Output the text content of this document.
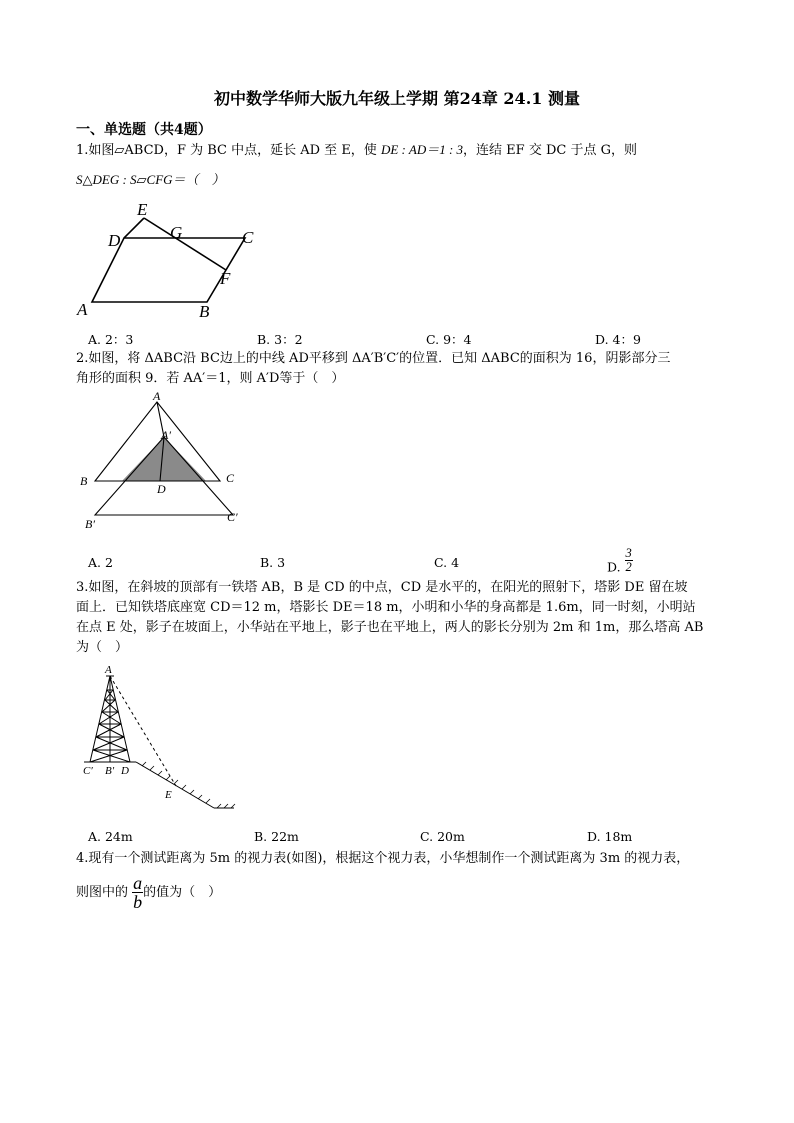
初中数学华师大版九年级上学期 第24章 24.1 测量
一、单选题（共4题）
1.如图▱ABCD，F 为 BC 中点，延长 AD 至 E，使 DE : AD＝1 : 3，连结 EF 交 DC 于点 G，则
S△DEG : S▱CFG＝（　）
E
D	G	C
F
A	B
A. 2：3	B. 3：2	C. 9：4	D. 4：9
2.如图，将 ΔABC沿 BC边上的中线 AD平移到 ΔA′B′C′的位置．已知 ΔABC的面积为 16，阴影部分三
角形的面积 9．若 AA′＝1，则 A′D等于（　）
A
A′
B	C
D
B′	C′
A. 2	B. 3	C. 4	D. $\frac{3}{2}$
3.如图，在斜坡的顶部有一铁塔 AB，B 是 CD 的中点，CD 是水平的，在阳光的照射下，塔影 DE 留在坡
面上．已知铁塔底座宽 CD＝12 m，塔影长 DE＝18 m，小明和小华的身高都是 1.6m，同一时刻，小明站
在点 E 处，影子在坡面上，小华站在平地上，影子也在平地上，两人的影长分别为 2m 和 1m，那么塔高 AB
为（　）
A
C′ B′ D
E
A. 24m	B. 22m	C. 20m	D. 18m
4.现有一个测试距离为 5m 的视力表(如图)，根据这个视力表，小华想制作一个测试距离为 3m 的视力表，
则图中的 $\frac{a}{b}$ 的值为（　）
